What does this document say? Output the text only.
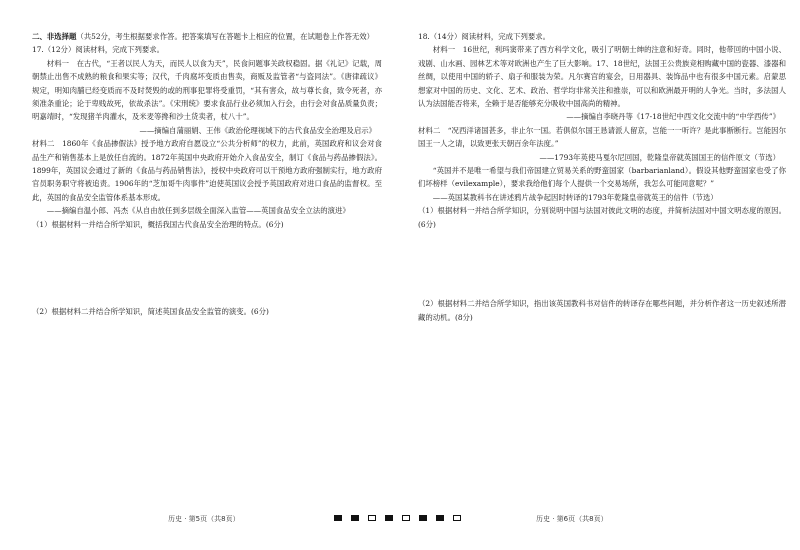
二、非选择题（共52分，考生根据要求作答。把答案填写在答题卡上相应的位置，在试题卷上作答无效）

17.（12分）阅读材料，完成下列要求。

材料一　在古代，“王者以民人为天，而民人以食为天”，民食问题事关政权稳固。据《礼记》记载，周朝禁止出售不成熟的粮食和果实等；汉代，千肉腐坏变质由售卖，商贩及监管者“与盗同法”。《唐律疏议》规定，明知肉脯已经变质而不及时焚毁的或的刑事犯罪将受重罚，“其有害众，故与尊长食，致令死者，亦须准条重论；论于卑贱故死，依故杀法”。《宋刑统》要求食品行业必须加入行会，由行会对食品质量负责；明嘉靖时，“发现猪羊肉灌水，及米麦等搀和沙土货卖者，杖八十”。

——摘编自蒲丽娟、王伟《政治伦理视域下的古代食品安全治理及启示》

材料二　1860年《食品掺假法》授予地方政府自愿设立“公共分析师”的权力，此前，英国政府和议会对食品生产和销售基本上是放任自流的。1872年英国中央政府开始介入食品安全，制订《食品与药品掺假法》。1899年，英国议会通过了新的《食品与药品销售法》，授权中央政府可以干预地方政府强制实行，地方政府官员职务职守将被追责。1906年的“芝加哥牛肉事件”迫使英国议会授予英国政府对进口食品的监督权。至此，英国的食品安全监管体系基本形成。

——摘编自温小郎、冯杰《从自由放任到多层级全面深入监管——英国食品安全立法的演进》

（1）根据材料一并结合所学知识，概括我国古代食品安全治理的特点。(6分)

（2）根据材料二并结合所学知识，简述英国食品安全监管的演变。(6分)

历史 · 第5页（共8页）

18.（14分）阅读材料，完成下列要求。

材料一　16世纪，利玛窦带来了西方科学文化，吸引了明朝士绅的注意和好奇。同时，他带回的中国小说、戏剧、山水画、园林艺术等对欧洲也产生了巨大影响。17、18世纪，法国王公贵族竞相购藏中国的瓷器、漆器和丝绸，以使用中国的轿子、扇子和服装为荣。凡尔赛宫的宴会，日用器具、装饰品中也有很多中国元素。启蒙思想家对中国的历史、文化、艺术、政治、哲学均非常关注和推崇，可以和欧洲最开明的人争光。当时，多法国人认为法国能否将来，全赖于是否能够充分吸收中国高尚的精神。

——摘编自李晓丹等《17-18世纪中西文化交流中的“中学西传”》

材料二　“况西洋诸国甚多，非止尔一国。若俱似尔国王恳请派人留京，岂能一一听许？是此事断断行。岂能因尔国王一人之请，以致更张天朝百余年法度。”

——1793年英使马戛尔尼回国，乾隆皇帝就英国国王的信件原文（节选）

“英国并不是唯一希望与我们帝国建立贸易关系的野蛮国家（barbarianland）。假设其他野蛮国家也受了你们坏榜样（evilexample），要求我给他们每个人提供一个交易场所，我怎么可能同意呢？”

——英国某教科书在讲述鸦片战争起因时转译的1793年乾隆皇帝就英王的信件（节选）

（1）根据材料一并结合所学知识，分别说明中国与法国对彼此文明的态度，并简析法国对中国文明态度的原因。(6分)

（2）根据材料二并结合所学知识，指出该英国教科书对信件的转译存在哪些问题，并分析作者这一历史叙述所潜藏的动机。(8分)

历史 · 第6页（共8页）
